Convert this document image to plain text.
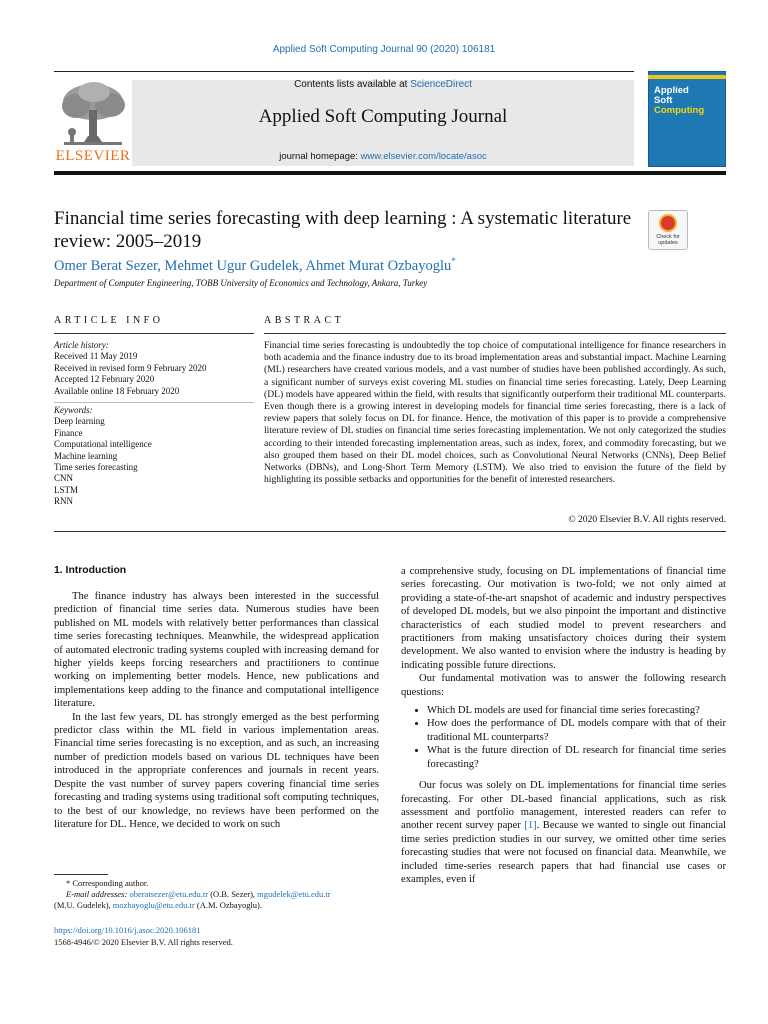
Applied Soft Computing Journal 90 (2020) 106181
ELSEVIER
Contents lists available at ScienceDirect
Applied Soft Computing Journal
journal homepage: www.elsevier.com/locate/asoc
Applied
Soft
Computing
Financial time series forecasting with deep learning : A systematic literature review: 2005–2019	Check for updates
Omer Berat Sezer, Mehmet Ugur Gudelek, Ahmet Murat Ozbayoglu*
Department of Computer Engineering, TOBB University of Economics and Technology, Ankara, Turkey
ARTICLE INFO	ABSTRACT
Article history:
Received 11 May 2019
Received in revised form 9 February 2020
Accepted 12 February 2020
Available online 18 February 2020
Keywords:
Deep learning
Finance
Computational intelligence
Machine learning
Time series forecasting
CNN
LSTM
RNN
Financial time series forecasting is undoubtedly the top choice of computational intelligence for finance researchers in both academia and the finance industry due to its broad implementation areas and substantial impact. Machine Learning (ML) researchers have created various models, and a vast number of studies have been published accordingly. As such, a significant number of surveys exist covering ML studies on financial time series forecasting. Lately, Deep Learning (DL) models have appeared within the field, with results that significantly outperform their traditional ML counterparts. Even though there is a growing interest in developing models for financial time series forecasting, there is a lack of review papers that solely focus on DL for finance. Hence, the motivation of this paper is to provide a comprehensive literature review of DL studies on financial time series forecasting implementation. We not only categorized the studies according to their intended forecasting implementation areas, such as index, forex, and commodity forecasting, but we also grouped them based on their DL model choices, such as Convolutional Neural Networks (CNNs), Deep Belief Networks (DBNs), and Long-Short Term Memory (LSTM). We also tried to envision the future of the field by highlighting its possible setbacks and opportunities for the benefit of interested researchers.
© 2020 Elsevier B.V. All rights reserved.
1. Introduction

The finance industry has always been interested in the successful prediction of financial time series data. Numerous studies have been published on ML models with relatively better performances than classical time series forecasting techniques. Meanwhile, the widespread application of automated electronic trading systems coupled with increasing demand for higher yields keeps forcing researchers and practitioners to continue working on implementing better models. Hence, new publications and implementations keep adding to the finance and computational intelligence literature.

In the last few years, DL has strongly emerged as the best performing predictor class within the ML field in various implementation areas. Financial time series forecasting is no exception, and as such, an increasing number of prediction models based on various DL techniques have been introduced in the appropriate conferences and journals in recent years. Despite the vast number of survey papers covering financial time series forecasting and trading systems using traditional soft computing techniques, to the best of our knowledge, no reviews have been performed on the literature for DL. Hence, we decided to work on such

a comprehensive study, focusing on DL implementations of financial time series forecasting. Our motivation is two-fold; we not only aimed at providing a state-of-the-art snapshot of academic and industry perspectives of developed DL models, but we also pinpoint the important and distinctive characteristics of each studied model to prevent researchers and practitioners from making unsatisfactory choices during their system development. We also wanted to envision where the industry is heading by indicating possible future directions.

Our fundamental motivation was to answer the following research questions:

• Which DL models are used for financial time series forecasting?
• How does the performance of DL models compare with that of their traditional ML counterparts?
• What is the future direction of DL research for financial time series forecasting?

Our focus was solely on DL implementations for financial time series forecasting. For other DL-based financial applications, such as risk assessment and portfolio management, interested readers can refer to another recent survey paper [1]. Because we wanted to single out financial time series prediction studies in our survey, we omitted other time series forecasting studies that were not focused on financial data. Meanwhile, we included time-series research papers that had financial use cases or examples, even if

* Corresponding author.
E-mail addresses: oberatsezer@etu.edu.tr (O.B. Sezer), mgudelek@etu.edu.tr
(M.U. Gudelek), mozbayoglu@etu.edu.tr (A.M. Ozbayoglu).
https://doi.org/10.1016/j.asoc.2020.106181
1568-4946/© 2020 Elsevier B.V. All rights reserved.
